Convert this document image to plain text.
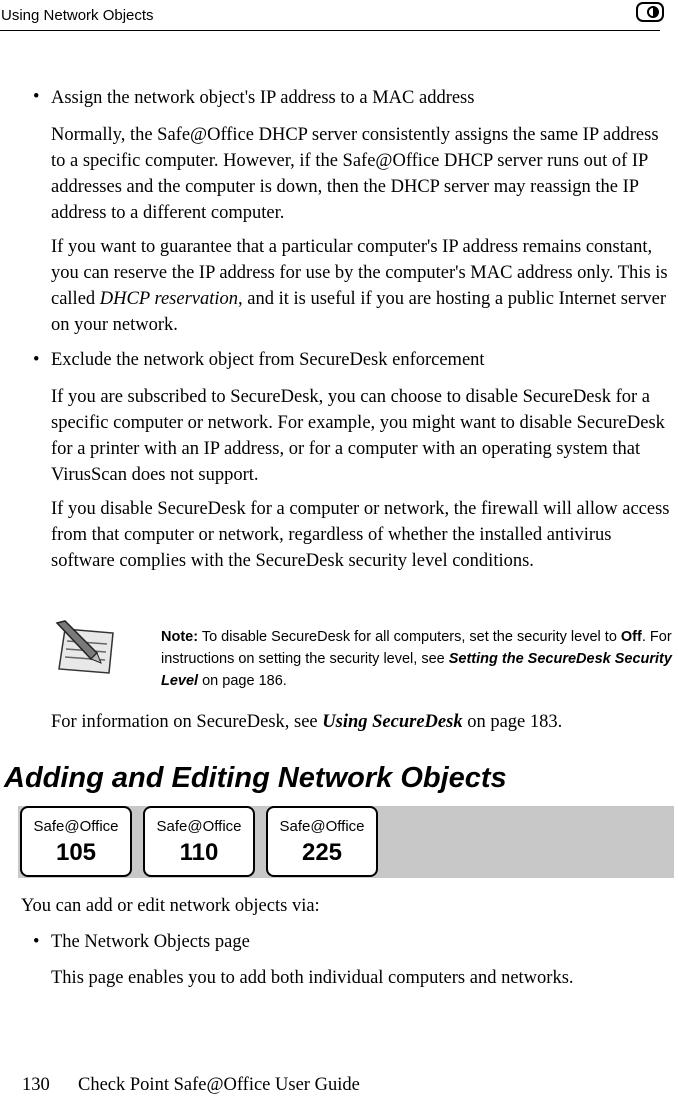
Using Network Objects
• Assign the network object's IP address to a MAC address
Normally, the Safe@Office DHCP server consistently assigns the same IP address to a specific computer. However, if the Safe@Office DHCP server runs out of IP addresses and the computer is down, then the DHCP server may reassign the IP address to a different computer.
If you want to guarantee that a particular computer's IP address remains constant, you can reserve the IP address for use by the computer's MAC address only. This is called DHCP reservation, and it is useful if you are hosting a public Internet server on your network.
• Exclude the network object from SecureDesk enforcement
If you are subscribed to SecureDesk, you can choose to disable SecureDesk for a specific computer or network. For example, you might want to disable SecureDesk for a printer with an IP address, or for a computer with an operating system that VirusScan does not support.
If you disable SecureDesk for a computer or network, the firewall will allow access from that computer or network, regardless of whether the installed antivirus software complies with the SecureDesk security level conditions.
Note: To disable SecureDesk for all computers, set the security level to Off. For instructions on setting the security level, see Setting the SecureDesk Security Level on page 186.
For information on SecureDesk, see Using SecureDesk on page 183.
Adding and Editing Network Objects
Safe@Office
105
Safe@Office
110
Safe@Office
225
You can add or edit network objects via:
• The Network Objects page
This page enables you to add both individual computers and networks.
130 Check Point Safe@Office User Guide
